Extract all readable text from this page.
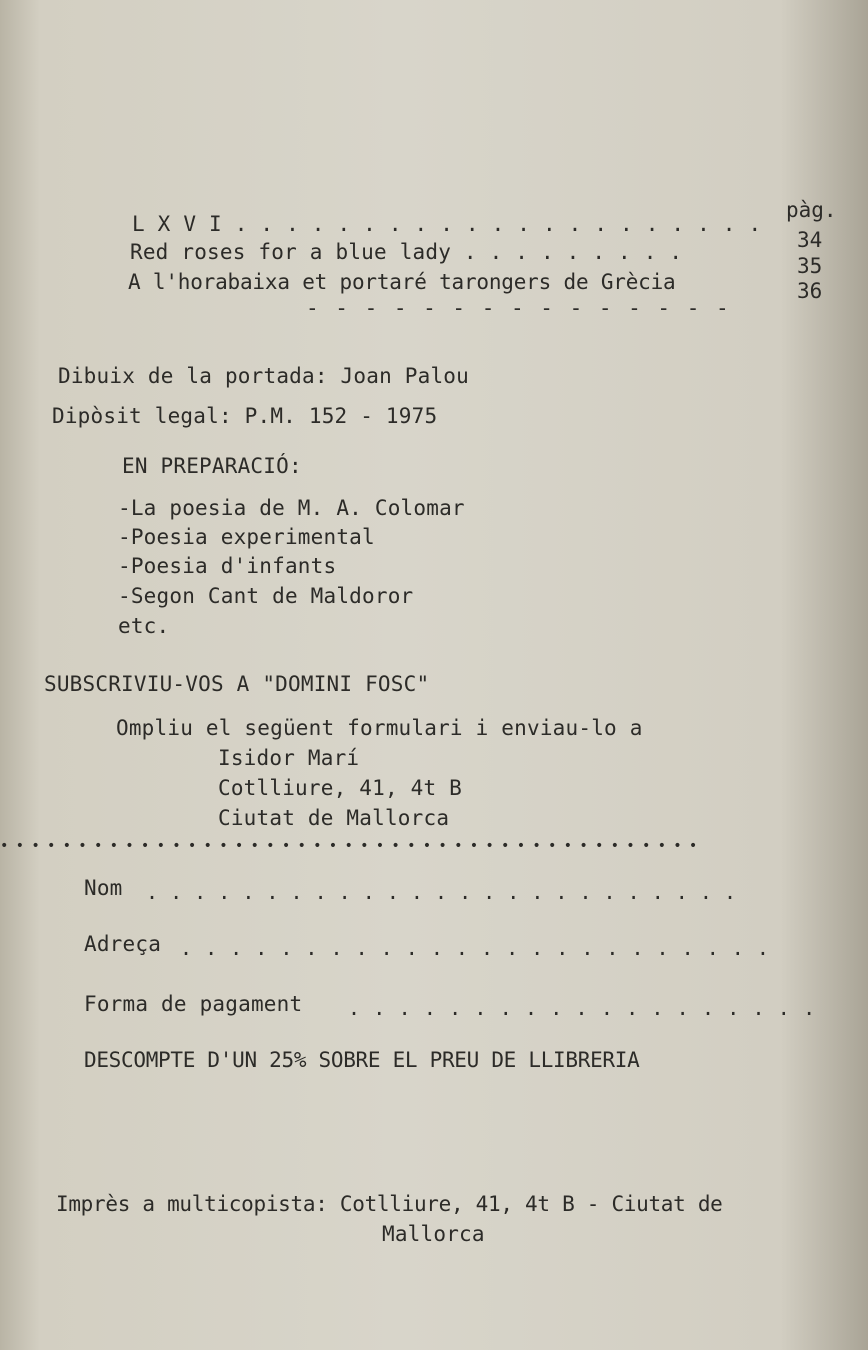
pàg.
L X V I . . . . . . . . . . . . . . . . . . . . .
34
Red roses for a blue lady . . . . . . . . .
35
A l'horabaixa et portaré tarongers de Grècia	36
- - - - - - - - - - - - - - -
Dibuix de la portada: Joan Palou
Dipòsit legal: P.M. 152 - 1975
EN PREPARACIÓ:
-La poesia de M. A. Colomar
-Poesia experimental
-Poesia d'infants
-Segon Cant de Maldoror
etc.
SUBSCRIVIU-VOS A "DOMINI FOSC"
Ompliu el següent formulari i enviau-lo a
Isidor Marí
Cotlliure, 41, 4t B
Ciutat de Mallorca
• • • • • • • • • • • • • • • • • • • • • • • • • • • • • • • • • • • • • • • • • • • • •
Nom . . . . . . . . . . . . . . . . . . . . . . . . .
Adreça . . . . . . . . . . . . . . . . . . . . . . . .
Forma de pagament . . . . . . . . . . . . . . . . . . .
DESCOMPTE D'UN 25% SOBRE EL PREU DE LLIBRERIA
Imprès a multicopista: Cotlliure, 41, 4t B - Ciutat de
Mallorca
